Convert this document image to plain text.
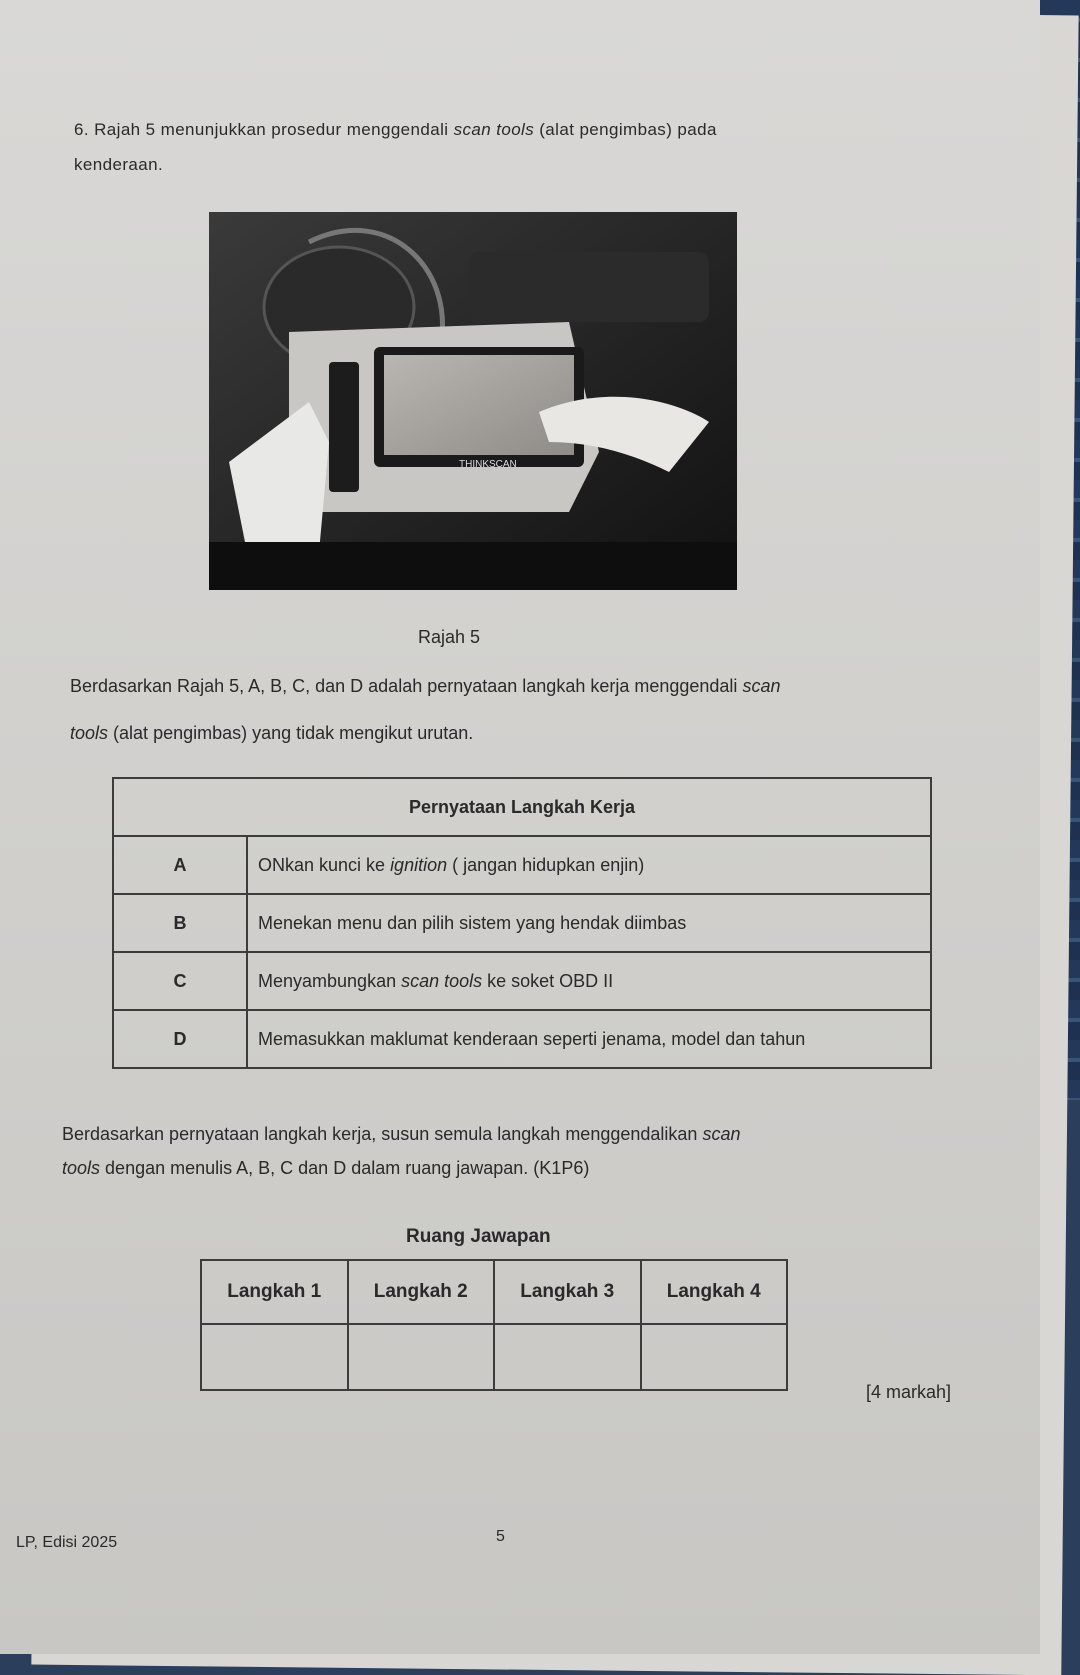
6. Rajah 5 menunjukkan prosedur menggendali scan tools (alat pengimbas) pada
kenderaan.
THINKSCAN
Rajah 5
Berdasarkan Rajah 5, A, B, C, dan D adalah pernyataan langkah kerja menggendali scan
tools (alat pengimbas) yang tidak mengikut urutan.
Pernyataan Langkah Kerja	
A	ONkan kunci ke ignition ( jangan hidupkan enjin)
B	Menekan menu dan pilih sistem yang hendak diimbas
C	Menyambungkan scan tools ke soket OBD II
D	Memasukkan maklumat kenderaan seperti jenama, model dan tahun
Berdasarkan pernyataan langkah kerja, susun semula langkah menggendalikan scan
tools dengan menulis A, B, C dan D dalam ruang jawapan. (K1P6)
Ruang Jawapan
Langkah 1	Langkah 2	Langkah 3	Langkah 4

[4 markah]
LP, Edisi 2025	5
